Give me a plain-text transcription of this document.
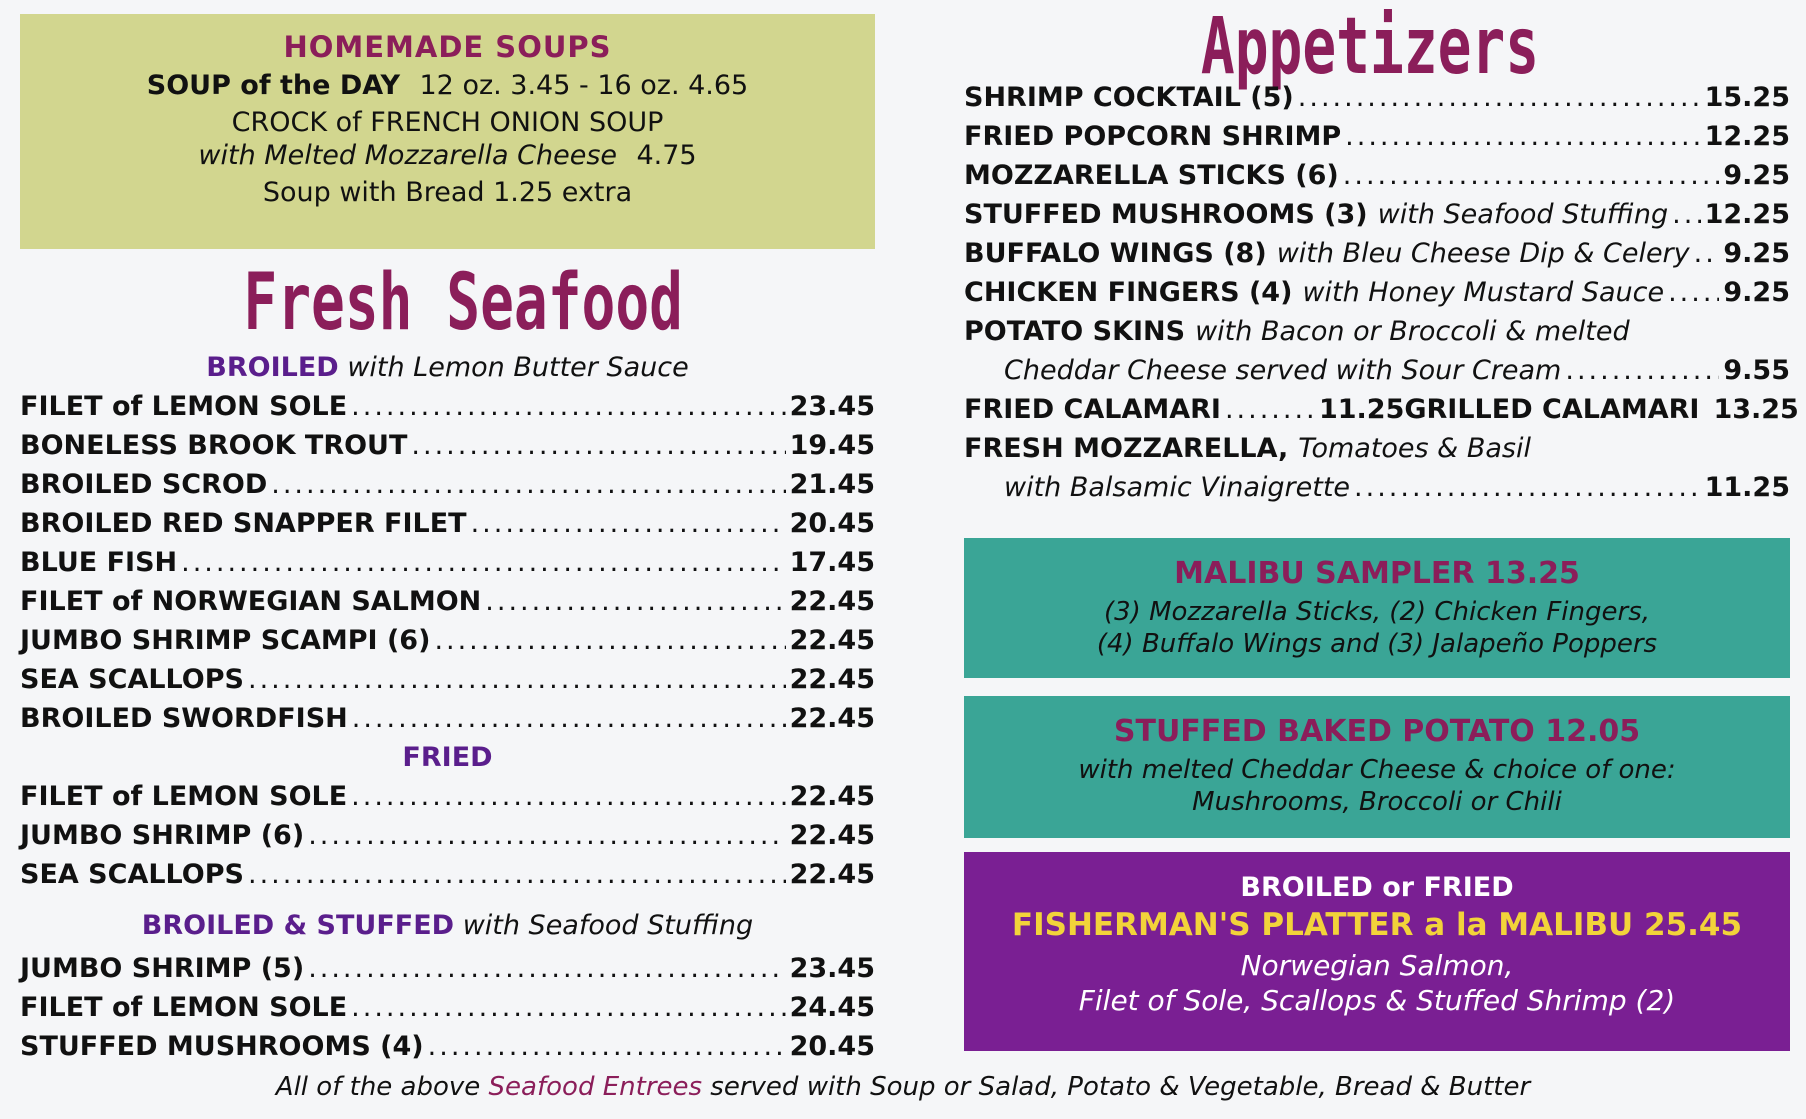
HOMEMADE SOUPS
SOUP of the DAY 12 oz. 3.45 - 16 oz. 4.65
CROCK of FRENCH ONION SOUP
with Melted Mozzarella Cheese 4.75
Soup with Bread 1.25 extra
Fresh Seafood
BROILED with Lemon Butter Sauce
FILET of LEMON SOLE .....	23.45
BONELESS BROOK TROUT .....	19.45
BROILED SCROD .....	21.45
BROILED RED SNAPPER FILET .....	20.45
BLUE FISH .....	17.45
FILET of NORWEGIAN SALMON .....	22.45
JUMBO SHRIMP SCAMPI (6) .....	22.45
SEA SCALLOPS .....	22.45
BROILED SWORDFISH .....	22.45
FRIED
FILET of LEMON SOLE .....	22.45
JUMBO SHRIMP (6) .....	22.45
SEA SCALLOPS .....	22.45
BROILED & STUFFED with Seafood Stuffing
JUMBO SHRIMP (5) .....	23.45
FILET of LEMON SOLE .....	24.45
STUFFED MUSHROOMS (4) .....	20.45
Appetizers
SHRIMP COCKTAIL (5) .....	15.25
FRIED POPCORN SHRIMP .....	12.25
MOZZARELLA STICKS (6) .....	9.25
STUFFED MUSHROOMS (3) with Seafood Stuffing ..... 12.25
BUFFALO WINGS (8) with Bleu Cheese Dip & Celery ..... 9.25
CHICKEN FINGERS (4) with Honey Mustard Sauce ..... 9.25
POTATO SKINS with Bacon or Broccoli & melted
Cheddar Cheese served with Sour Cream .....	9.55
FRIED CALAMARI .....	11.25 GRILLED CALAMARI 13.25
FRESH MOZZARELLA, Tomatoes & Basil
with Balsamic Vinaigrette .....	11.25
MALIBU SAMPLER 13.25
(3) Mozzarella Sticks, (2) Chicken Fingers,
(4) Buffalo Wings and (3) Jalapeño Poppers
STUFFED BAKED POTATO 12.05
with melted Cheddar Cheese & choice of one:
Mushrooms, Broccoli or Chili
BROILED or FRIED
FISHERMAN'S PLATTER a la MALIBU 25.45
Norwegian Salmon,
Filet of Sole, Scallops & Stuffed Shrimp (2)
All of the above Seafood Entrees served with Soup or Salad, Potato & Vegetable, Bread & Butter
